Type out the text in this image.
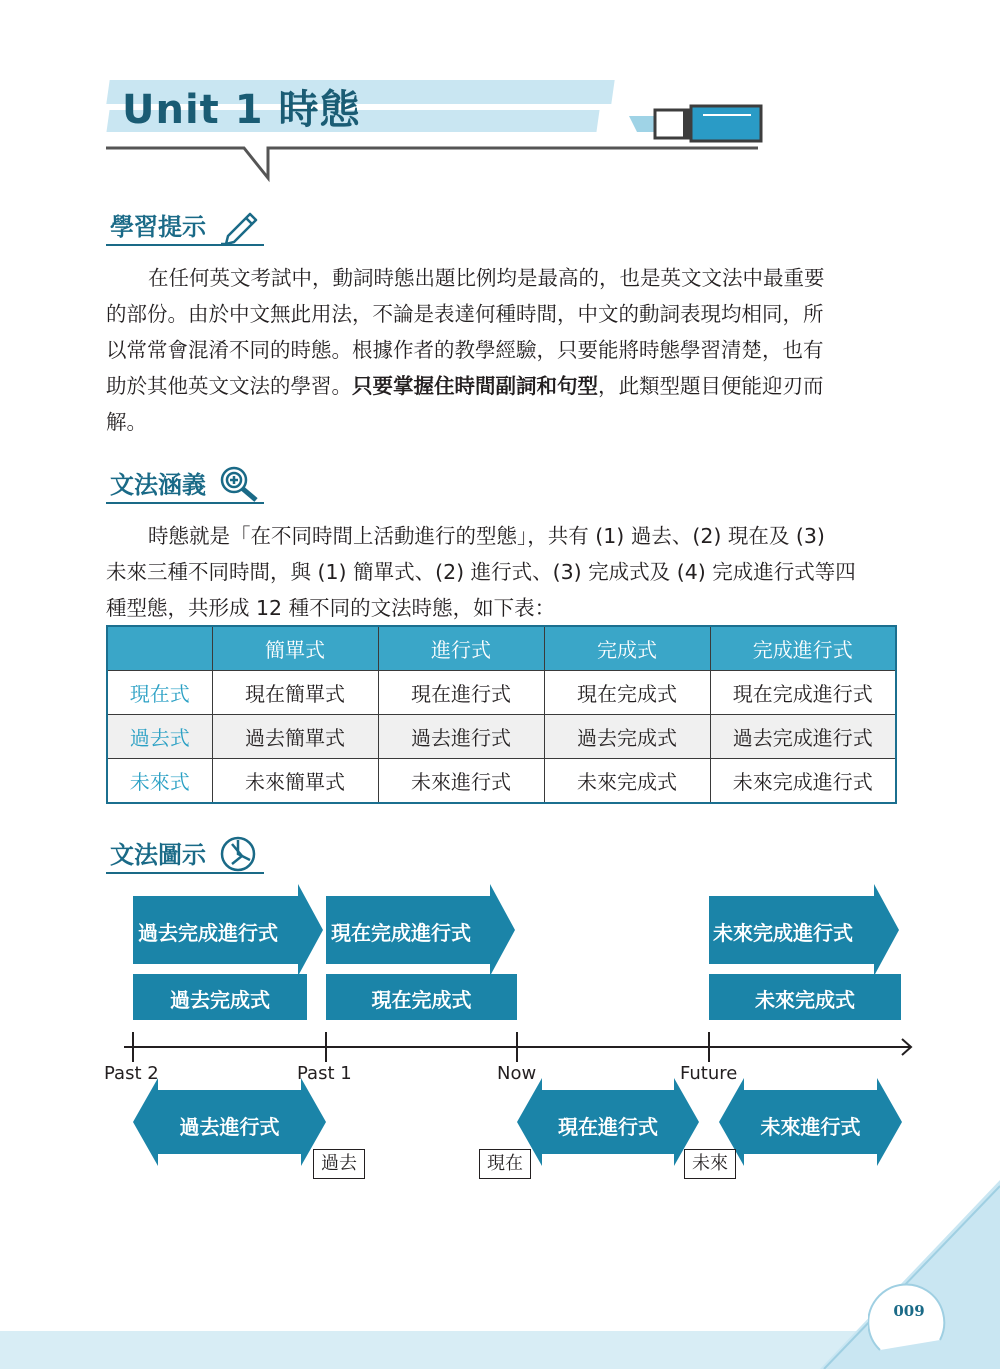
Unit 1 時態
學習提示
在任何英文考試中，動詞時態出題比例均是最高的，也是英文文法中最重要
的部份。由於中文無此用法，不論是表達何種時間，中文的動詞表現均相同，所
以常常會混淆不同的時態。根據作者的教學經驗，只要能將時態學習清楚，也有
助於其他英文文法的學習。只要掌握住時間副詞和句型，此類型題目便能迎刃而
解。
文法涵義
時態就是「在不同時間上活動進行的型態」，共有 (1) 過去、(2) 現在及 (3)
未來三種不同時間，與 (1) 簡單式、(2) 進行式、(3) 完成式及 (4) 完成進行式等四
種型態，共形成 12 種不同的文法時態，如下表：
	簡單式	進行式	完成式	完成進行式
現在式	現在簡單式	現在進行式	現在完成式	現在完成進行式
過去式	過去簡單式	過去進行式	過去完成式	過去完成進行式
未來式	未來簡單式	未來進行式	未來完成式	未來完成進行式
文法圖示
過去完成進行式	現在完成進行式	未來完成進行式
過去完成式	現在完成式	未來完成式
Past 2	Past 1	Now	Future
過去進行式	現在進行式	未來進行式
過去	現在	未來
009
